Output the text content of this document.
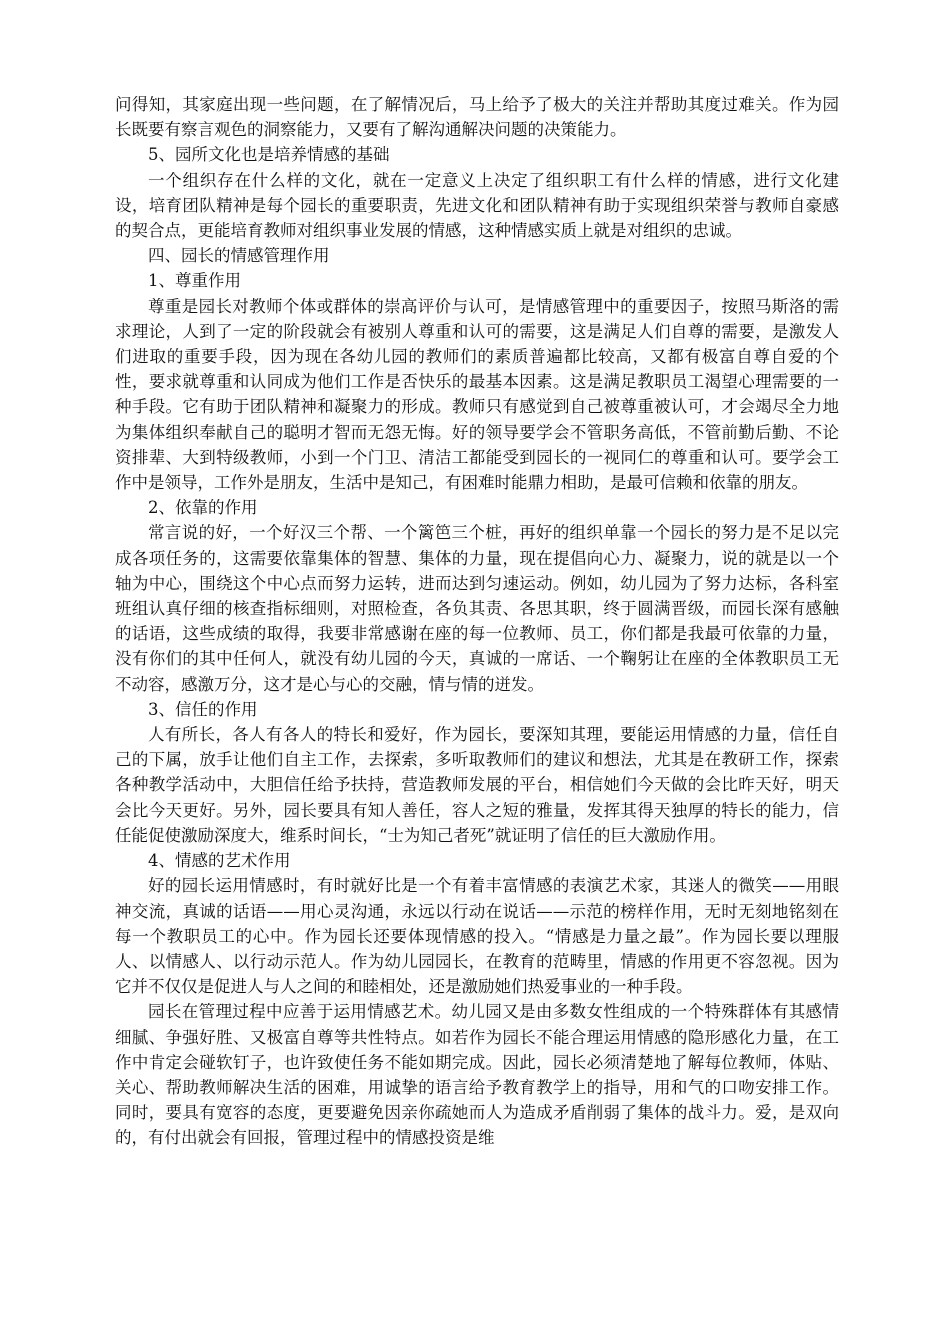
问得知，其家庭出现一些问题，在了解情况后，马上给予了极大的关注并帮助其度过难关。作为园长既要有察言观色的洞察能力，又要有了解沟通解决问题的决策能力。

5、园所文化也是培养情感的基础

一个组织存在什么样的文化，就在一定意义上决定了组织职工有什么样的情感，进行文化建设，培育团队精神是每个园长的重要职责，先进文化和团队精神有助于实现组织荣誉与教师自豪感的契合点，更能培育教师对组织事业发展的情感，这种情感实质上就是对组织的忠诚。

四、园长的情感管理作用

1、尊重作用

尊重是园长对教师个体或群体的崇高评价与认可，是情感管理中的重要因子，按照马斯洛的需求理论，人到了一定的阶段就会有被别人尊重和认可的需要，这是满足人们自尊的需要，是激发人们进取的重要手段，因为现在各幼儿园的教师们的素质普遍都比较高，又都有极富自尊自爱的个性，要求就尊重和认同成为他们工作是否快乐的最基本因素。这是满足教职员工渴望心理需要的一种手段。它有助于团队精神和凝聚力的形成。教师只有感觉到自己被尊重被认可，才会竭尽全力地为集体组织奉献自己的聪明才智而无怨无悔。好的领导要学会不管职务高低，不管前勤后勤、不论资排辈、大到特级教师，小到一个门卫、清洁工都能受到园长的一视同仁的尊重和认可。要学会工作中是领导，工作外是朋友，生活中是知己，有困难时能鼎力相助，是最可信赖和依靠的朋友。

2、依靠的作用

常言说的好，一个好汉三个帮、一个篱笆三个桩，再好的组织单靠一个园长的努力是不足以完成各项任务的，这需要依靠集体的智慧、集体的力量，现在提倡向心力、凝聚力，说的就是以一个轴为中心，围绕这个中心点而努力运转，进而达到匀速运动。例如，幼儿园为了努力达标，各科室班组认真仔细的核查指标细则，对照检查，各负其责、各思其职，终于圆满晋级，而园长深有感触的话语，这些成绩的取得，我要非常感谢在座的每一位教师、员工，你们都是我最可依靠的力量，没有你们的其中任何人，就没有幼儿园的今天，真诚的一席话、一个鞠躬让在座的全体教职员工无不动容，感激万分，这才是心与心的交融，情与情的迸发。

3、信任的作用

人有所长，各人有各人的特长和爱好，作为园长，要深知其理，要能运用情感的力量，信任自己的下属，放手让他们自主工作，去探索，多听取教师们的建议和想法，尤其是在教研工作，探索各种教学活动中，大胆信任给予扶持，营造教师发展的平台，相信她们今天做的会比昨天好，明天会比今天更好。另外，园长要具有知人善任，容人之短的雅量，发挥其得天独厚的特长的能力，信任能促使激励深度大，维系时间长，“士为知己者死”就证明了信任的巨大激励作用。

4、情感的艺术作用

好的园长运用情感时，有时就好比是一个有着丰富情感的表演艺术家，其迷人的微笑——用眼神交流，真诚的话语——用心灵沟通，永远以行动在说话——示范的榜样作用，无时无刻地铭刻在每一个教职员工的心中。作为园长还要体现情感的投入。“情感是力量之最”。作为园长要以理服人、以情感人、以行动示范人。作为幼儿园园长，在教育的范畴里，情感的作用更不容忽视。因为它并不仅仅是促进人与人之间的和睦相处，还是激励她们热爱事业的一种手段。

园长在管理过程中应善于运用情感艺术。幼儿园又是由多数女性组成的一个特殊群体有其感情细腻、争强好胜、又极富自尊等共性特点。如若作为园长不能合理运用情感的隐形感化力量，在工作中肯定会碰软钉子，也许致使任务不能如期完成。因此，园长必须清楚地了解每位教师，体贴、关心、帮助教师解决生活的困难，用诚挚的语言给予教育教学上的指导，用和气的口吻安排工作。同时，要具有宽容的态度，更要避免因亲你疏她而人为造成矛盾削弱了集体的战斗力。爱，是双向的，有付出就会有回报，管理过程中的情感投资是维
